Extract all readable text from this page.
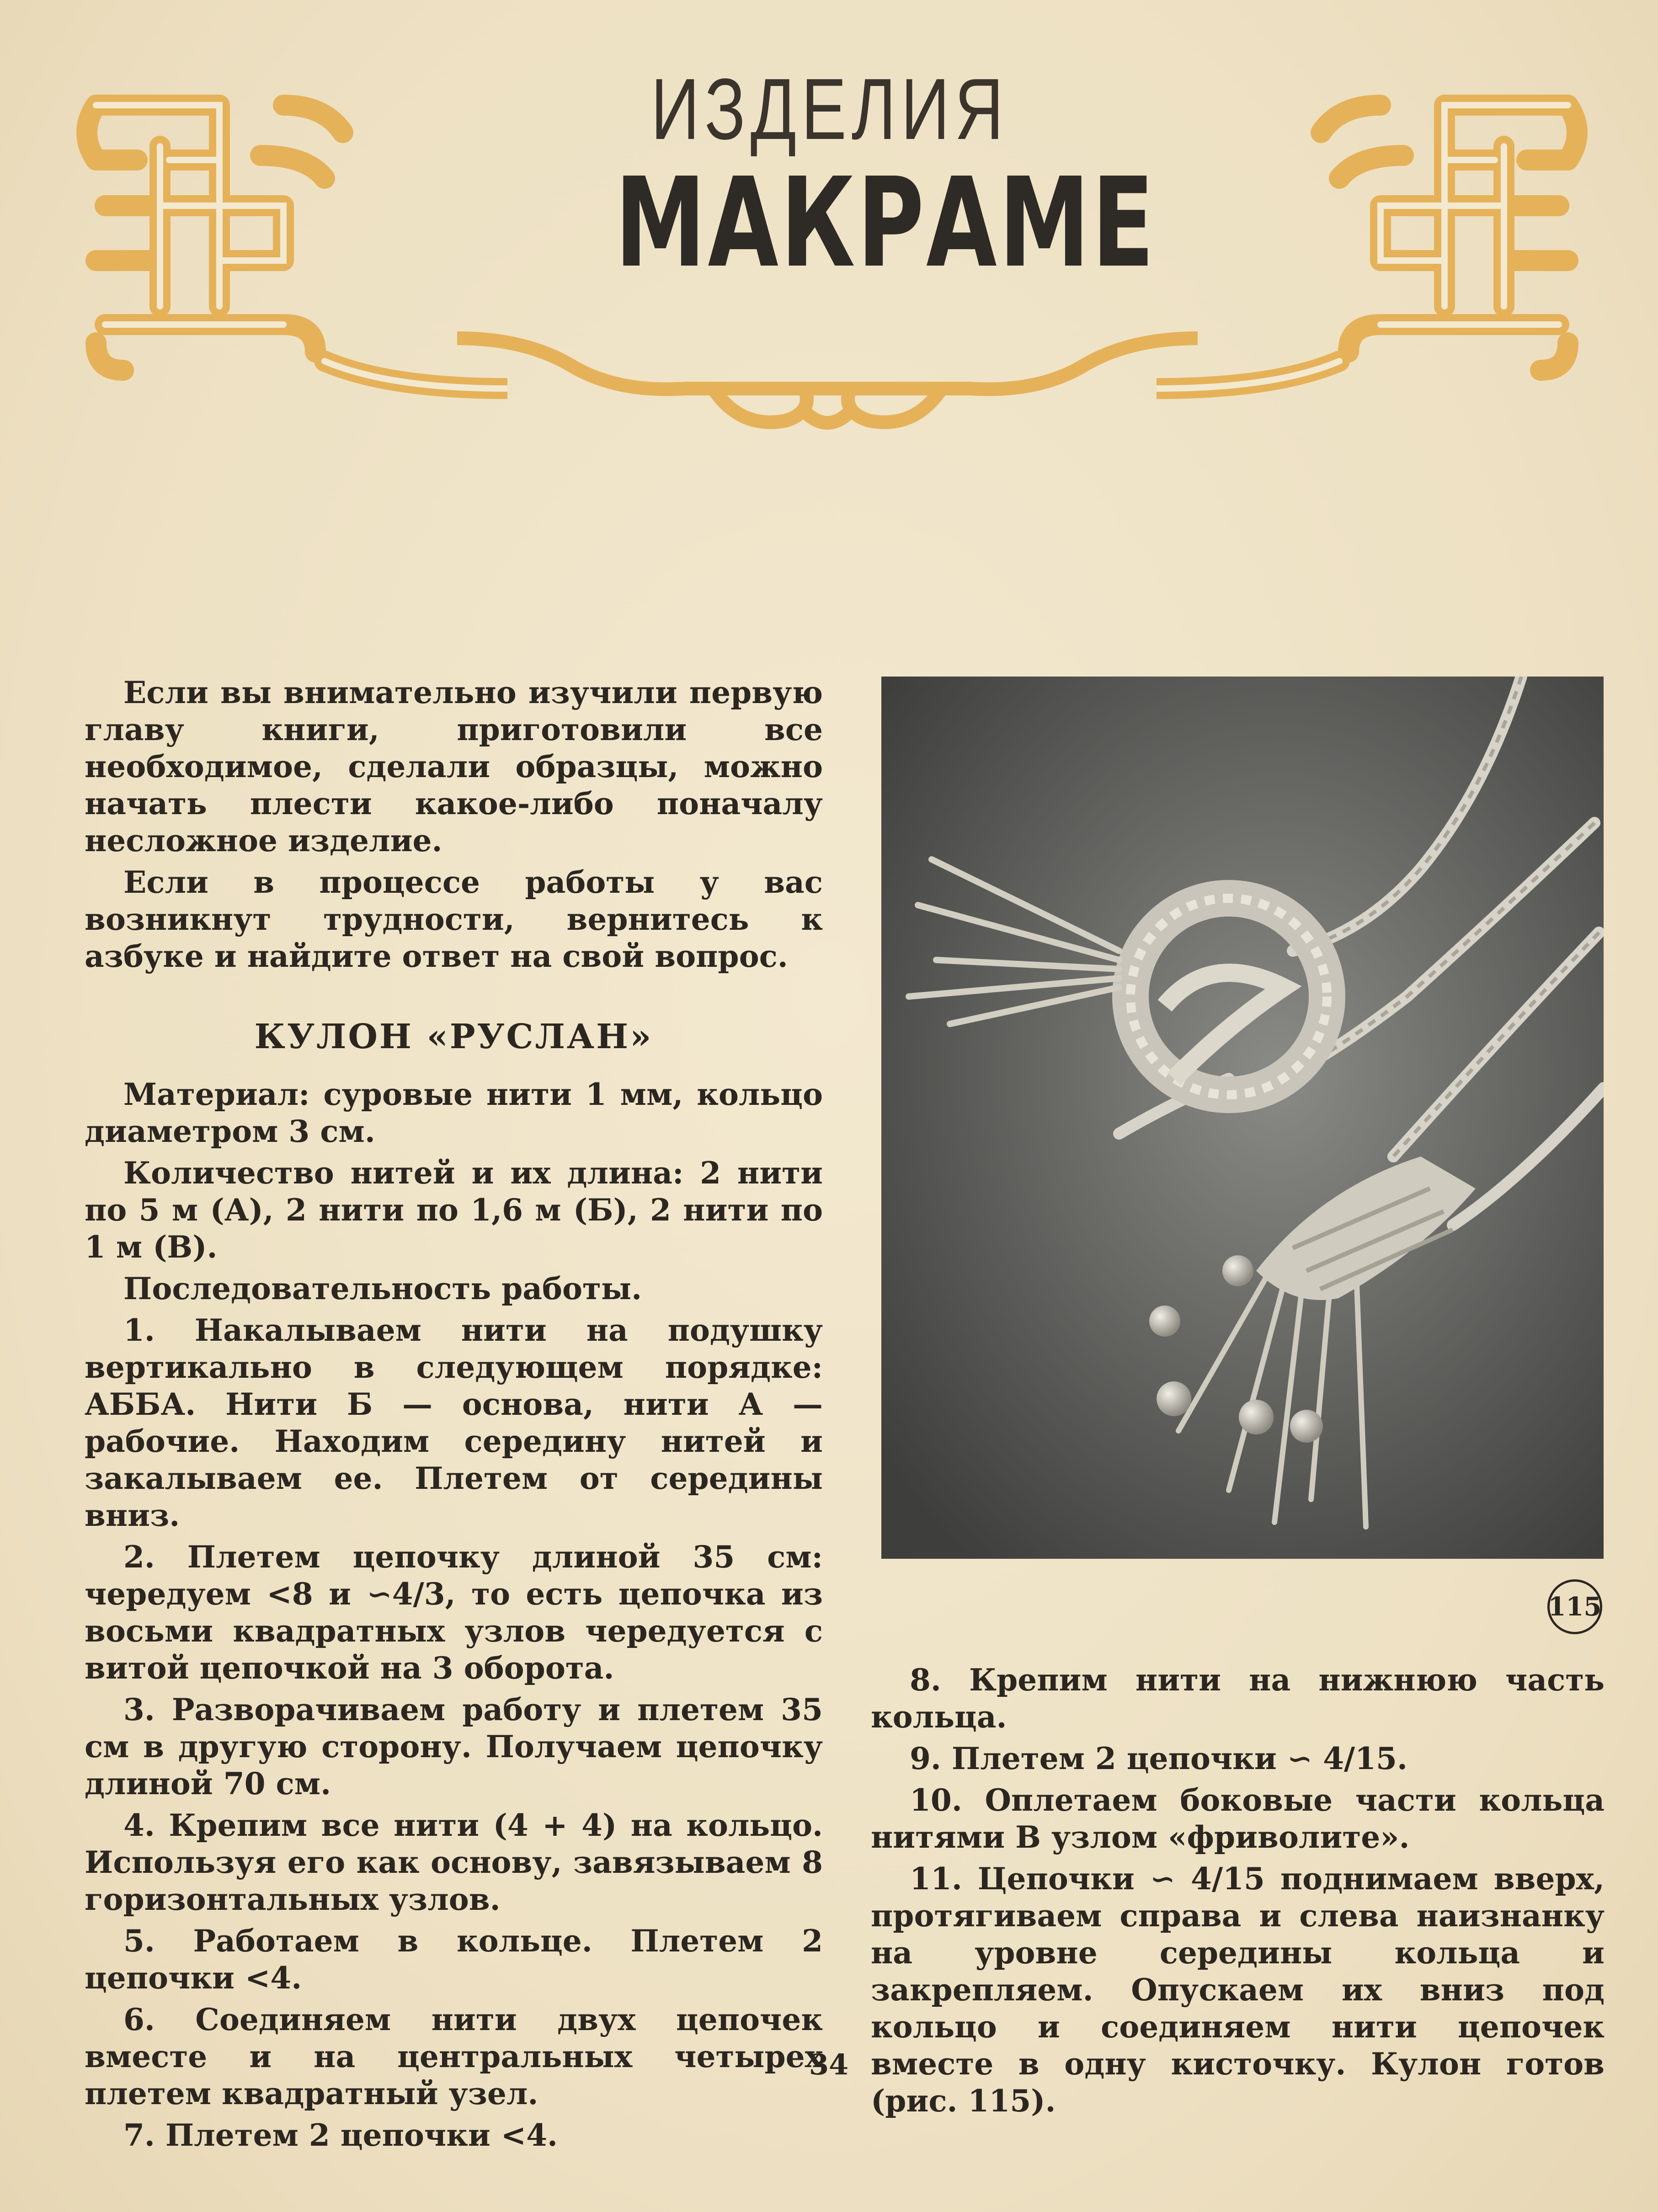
ИЗДЕЛИЯ
МАКРАМЕ

Если вы внимательно изучили первую главу книги, приготовили все необходимое, сделали образцы, можно начать плести какое-либо поначалу несложное изделие.

Если в процессе работы у вас возникнут трудности, вернитесь к азбуке и найдите ответ на свой вопрос.

КУЛОН «РУСЛАН»

Материал: суровые нити 1 мм, кольцо диаметром 3 см.

Количество нитей и их длина: 2 нити по 5 м (А), 2 нити по 1,6 м (Б), 2 нити по 1 м (В).

Последовательность работы.

1. Накалываем нити на подушку вертикально в следующем порядке: АББА. Нити Б — основа, нити А — рабочие. Находим середину нитей и закалываем ее. Плетем от середины вниз.

2. Плетем цепочку длиной 35 см: чередуем <8 и ∽4/3, то есть цепочка из восьми квадратных узлов чередуется с витой цепочкой на 3 оборота.

3. Разворачиваем работу и плетем 35 см в другую сторону. Получаем цепочку длиной 70 см.

4. Крепим все нити (4 + 4) на кольцо. Используя его как основу, завязываем 8 горизонтальных узлов.

5. Работаем в кольце. Плетем 2 цепочки <4.

6. Соединяем нити двух цепочек вместе и на центральных четырех плетем квадратный узел.

7. Плетем 2 цепочки <4.

115

8. Крепим нити на нижнюю часть кольца.

9. Плетем 2 цепочки ∽ 4/15.

10. Оплетаем боковые части кольца нитями В узлом «фриволите».

11. Цепочки ∽ 4/15 поднимаем вверх, протягиваем справа и слева наизнанку на уровне середины кольца и закрепляем. Опускаем их вниз под кольцо и соединяем нити цепочек вместе в одну кисточку. Кулон готов (рис. 115).

34
